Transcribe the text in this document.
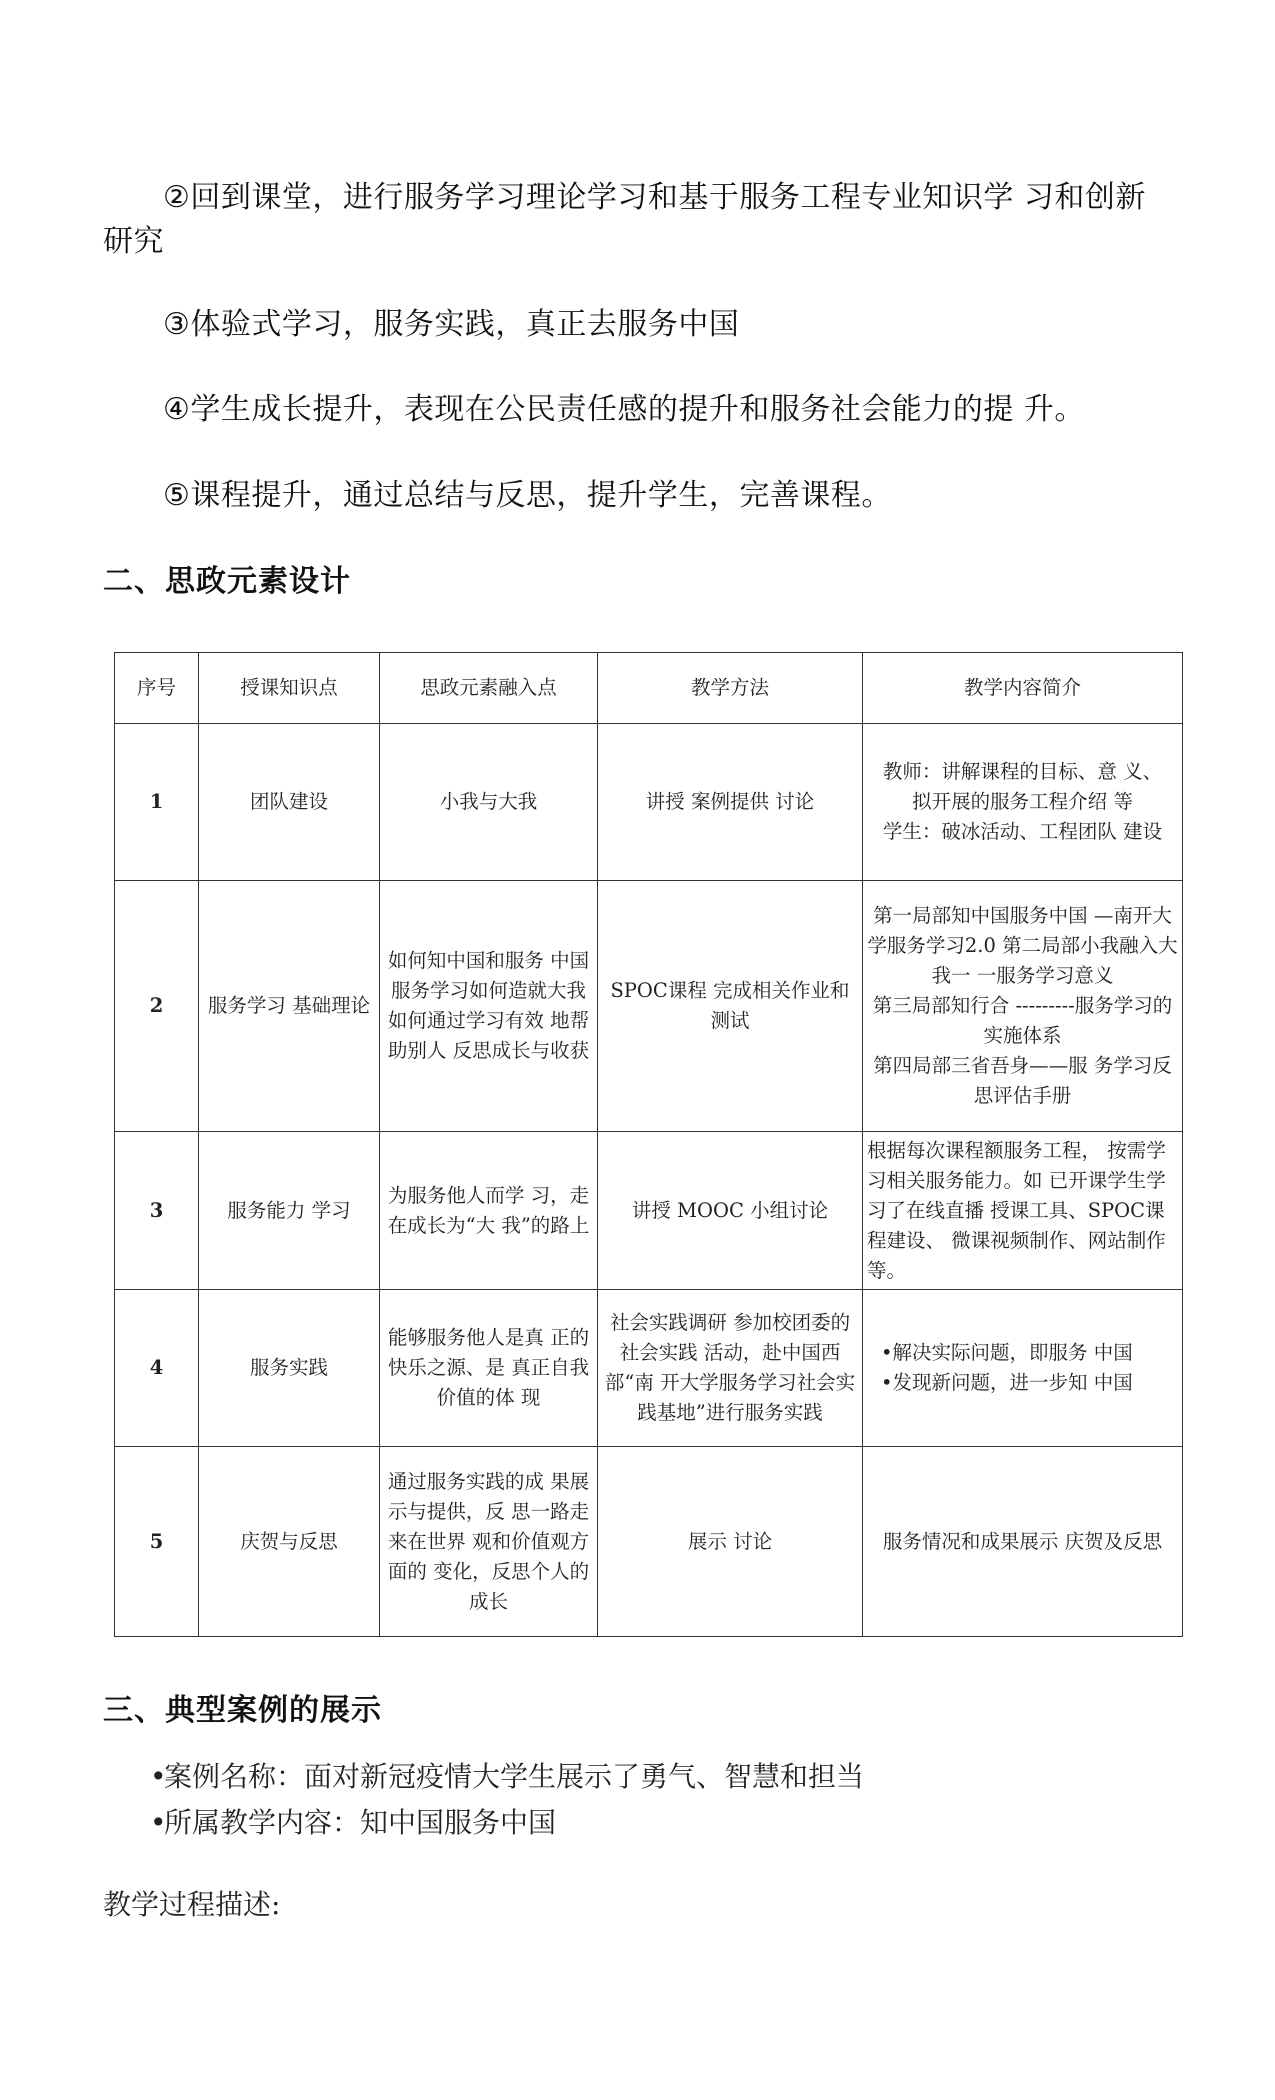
②回到课堂，进行服务学习理论学习和基于服务工程专业知识学 习和创新研究
③体验式学习，服务实践，真正去服务中国
④学生成长提升，表现在公民责任感的提升和服务社会能力的提 升。
⑤课程提升，通过总结与反思，提升学生，完善课程。
二、思政元素设计
序号	授课知识点	思政元素融入点	教学方法	教学内容简介
1	团队建设	小我与大我	讲授 案例提供 讨论	教师：讲解课程的目标、意 义、
拟开展的服务工程介绍 等
学生：破冰活动、工程团队 建设

2	服务学习 基础理论	如何知中国和服务 中国 服务学习如何造就大我 如何通过学习有效 地帮助别人 反思成长与收获	SPOC课程 完成相关作业和测试	第一局部知中国服务中国 —南开大学服务学习2.0 第二局部小我融入大我一 一服务学习意义
第三局部知行合 ---------服务学习的实施体系
第四局部三省吾身——服 务学习反思评估手册

3	服务能力 学习	为服务他人而学 习，走在成长为“大 我”的路上	讲授 MOOC 小组讨论	根据每次课程额服务工程， 按需学习相关服务能力。如 已开课学生学习了在线直播 授课工具、SPOC课程建设、 微课视频制作、网站制作等。

4	服务实践	能够服务他人是真 正的快乐之源、是 真正自我价值的体 现	社会实践调研 参加校团委的社会实践 活动，赴中国西部“南 开大学服务学习社会实践基地”进行服务实践	•解决实际问题，即服务 中国
•发现新问题，进一步知 中国

5	庆贺与反思	通过服务实践的成 果展示与提供，反 思一路走来在世界 观和价值观方面的 变化，反思个人的 成长	展示 讨论	服务情况和成果展示 庆贺及反思
三、典型案例的展示
•案例名称：面对新冠疫情大学生展示了勇气、智慧和担当
•所属教学内容：知中国服务中国
教学过程描述:
